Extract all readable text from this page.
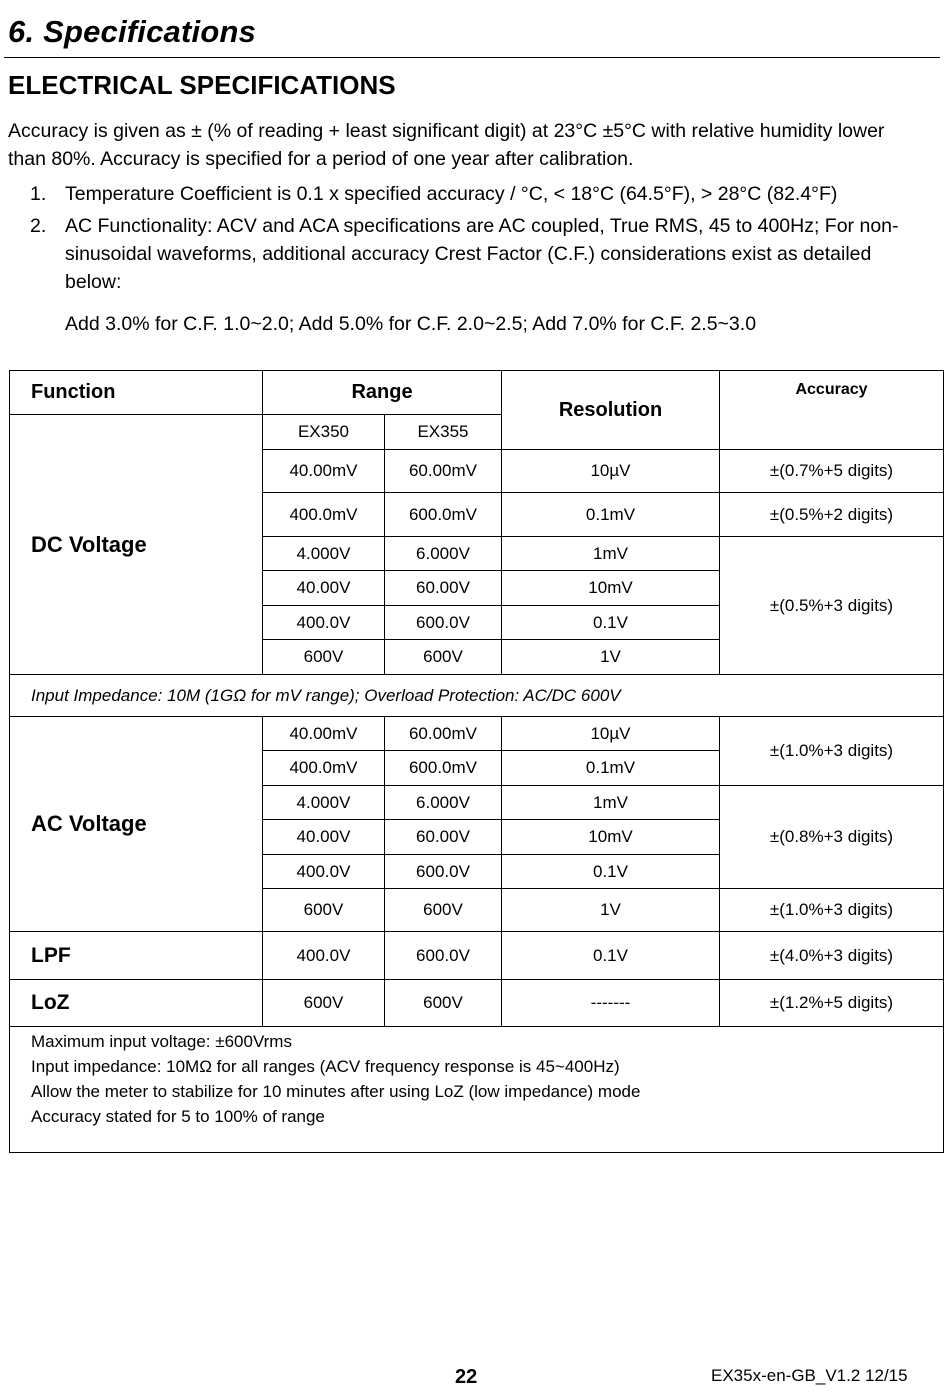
6. Specifications
ELECTRICAL SPECIFICATIONS
Accuracy is given as ± (% of reading + least significant digit) at 23°C ±5°C with relative humidity lower than 80%. Accuracy is specified for a period of one year after calibration.
1. Temperature Coefficient is 0.1 x specified accuracy / °C, < 18°C (64.5°F), > 28°C (82.4°F)
2. AC Functionality: ACV and ACA specifications are AC coupled, True RMS, 45 to 400Hz; For non-sinusoidal waveforms, additional accuracy Crest Factor (C.F.) considerations exist as detailed below:
Add 3.0% for C.F. 1.0~2.0; Add 5.0% for C.F. 2.0~2.5; Add 7.0% for C.F. 2.5~3.0
Function	Range		Resolution	Accuracy
DC Voltage	EX350	EX355		
	40.00mV	60.00mV	10µV	±(0.7%+5 digits)
	400.0mV	600.0mV	0.1mV	±(0.5%+2 digits)
	4.000V	6.000V	1mV	±(0.5%+3 digits)
	40.00V	60.00V	10mV	
	400.0V	600.0V	0.1V	
	600V	600V	1V	
Input Impedance: 10M (1GΩ for mV range); Overload Protection: AC/DC 600V				
AC Voltage	40.00mV	60.00mV	10µV	±(1.0%+3 digits)
	400.0mV	600.0mV	0.1mV	
	4.000V	6.000V	1mV	±(0.8%+3 digits)
	40.00V	60.00V	10mV	
	400.0V	600.0V	0.1V	
	600V	600V	1V	±(1.0%+3 digits)
LPF	400.0V	600.0V	0.1V	±(4.0%+3 digits)
LoZ	600V	600V	-------	±(1.2%+5 digits)

Maximum input voltage: ±600Vrms
Input impedance: 10MΩ for all ranges (ACV frequency response is 45~400Hz)
Allow the meter to stabilize for 10 minutes after using LoZ (low impedance) mode
Accuracy stated for 5 to 100% of range				
22	EX35x-en-GB_V1.2 12/15
